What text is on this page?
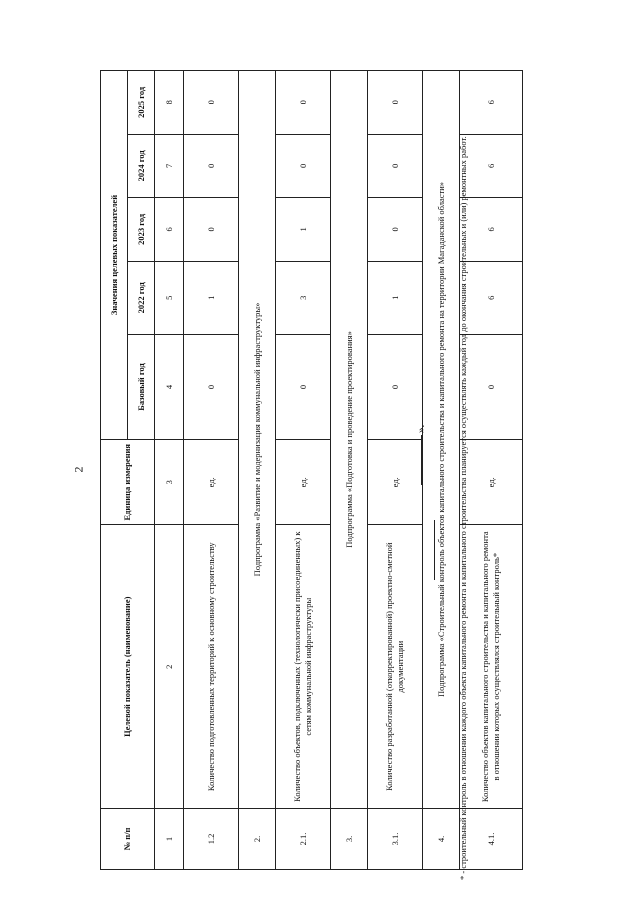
2
№ п/п	Целевой показатель (наименование)	Единица измерения	Значения целевых показателей				
			Базовый год	2022 год	2023 год	2024 год	2025 год
1	2	3	4	5	6	7	8
1.2	Количество подготовленных территорий к основному строительству	ед.	0	1	0	0	0
2.	Подпрограмма «Развитие и модернизация коммунальной инфраструктуры»						
2.1.	Количество объектов, подключенных (технологически присоединенных) к сетям коммунальной инфраструктуры	ед.	0	3	1	0	0
3.	Подпрограмма «Подготовка и проведение проектирования»						
3.1.	Количество разработанной (откорректированной) проектно-сметной документации	ед.	0	1	0	0	0
4.	Подпрограмма «Строительный контроль объектов капитального строительства и капитального ремонта на территории Магаданской области»						
4.1.	Количество объектов капитального строительства и капитального ремонта в отношении которых осуществлялся строительный контроль*	ед.	0	6	6	6	6
».	* - строительный контроль в отношении каждого объекта капитального ремонта и капитального строительства планируется осуществлять каждый год до окончания строительных и (или) ремонтных работ.
